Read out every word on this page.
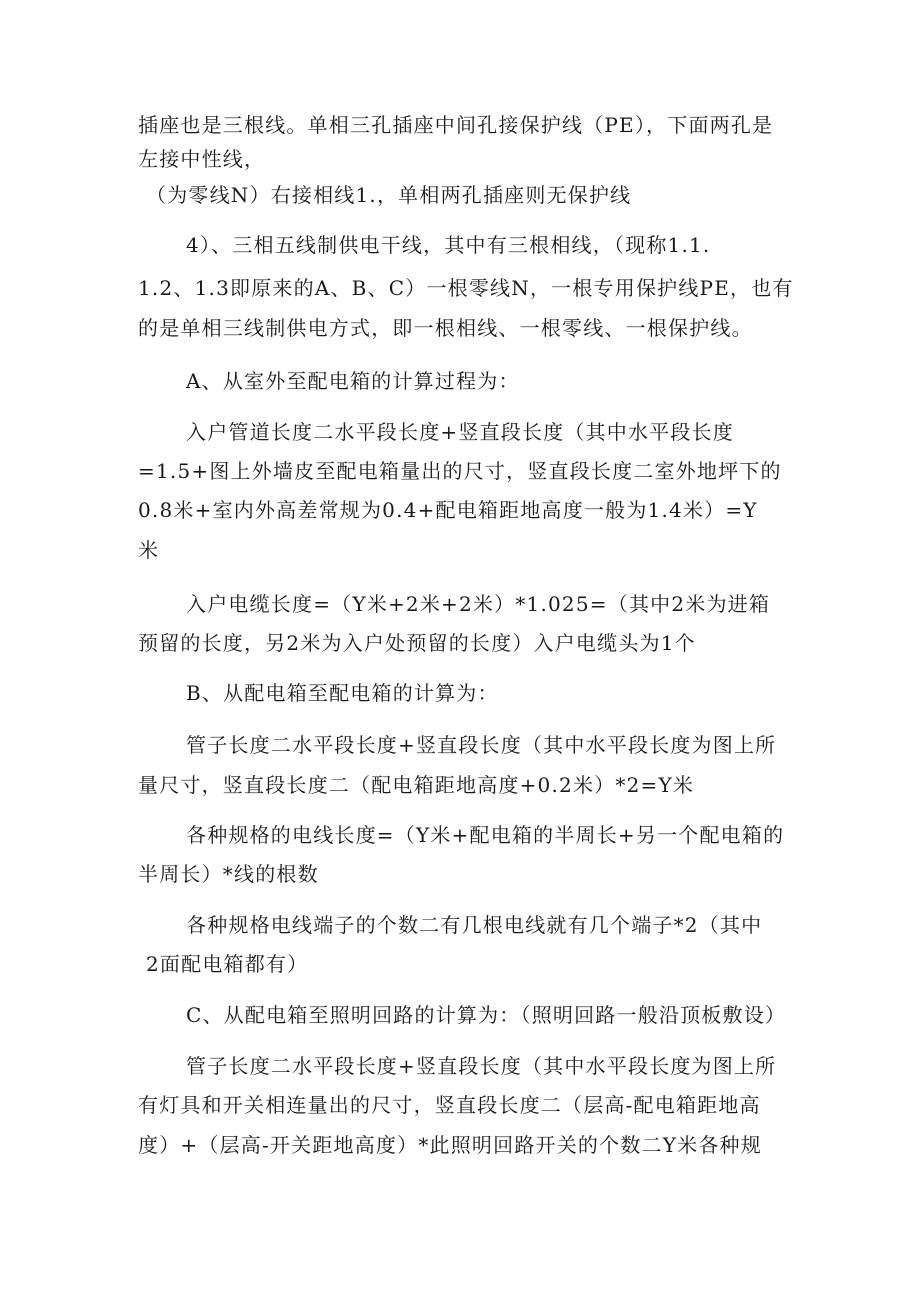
插座也是三根线。单相三孔插座中间孔接保护线（PE），下面两孔是
左接中性线，
（为零线N）右接相线1.，单相两孔插座则无保护线
4）、三相五线制供电干线，其中有三根相线，（现称1.1.
1.2、1.3即原来的A、B、C）一根零线N，一根专用保护线PE，也有
的是单相三线制供电方式，即一根相线、一根零线、一根保护线。
A、从室外至配电箱的计算过程为：
入户管道长度二水平段长度+竖直段长度（其中水平段长度
=1.5+图上外墙皮至配电箱量出的尺寸，竖直段长度二室外地坪下的
0.8米+室内外高差常规为0.4+配电箱距地高度一般为1.4米）=Y
米
入户电缆长度=（Y米+2米+2米）*1.025=（其中2米为进箱
预留的长度，另2米为入户处预留的长度）入户电缆头为1个
B、从配电箱至配电箱的计算为：
管子长度二水平段长度+竖直段长度（其中水平段长度为图上所
量尺寸，竖直段长度二（配电箱距地高度+0.2米）*2=Y米
各种规格的电线长度=（Y米+配电箱的半周长+另一个配电箱的
半周长）*线的根数
各种规格电线端子的个数二有几根电线就有几个端子*2（其中
2面配电箱都有）
C、从配电箱至照明回路的计算为：（照明回路一般沿顶板敷设）
管子长度二水平段长度+竖直段长度（其中水平段长度为图上所
有灯具和开关相连量出的尺寸，竖直段长度二（层高-配电箱距地高
度）+（层高-开关距地高度）*此照明回路开关的个数二Y米各种规
